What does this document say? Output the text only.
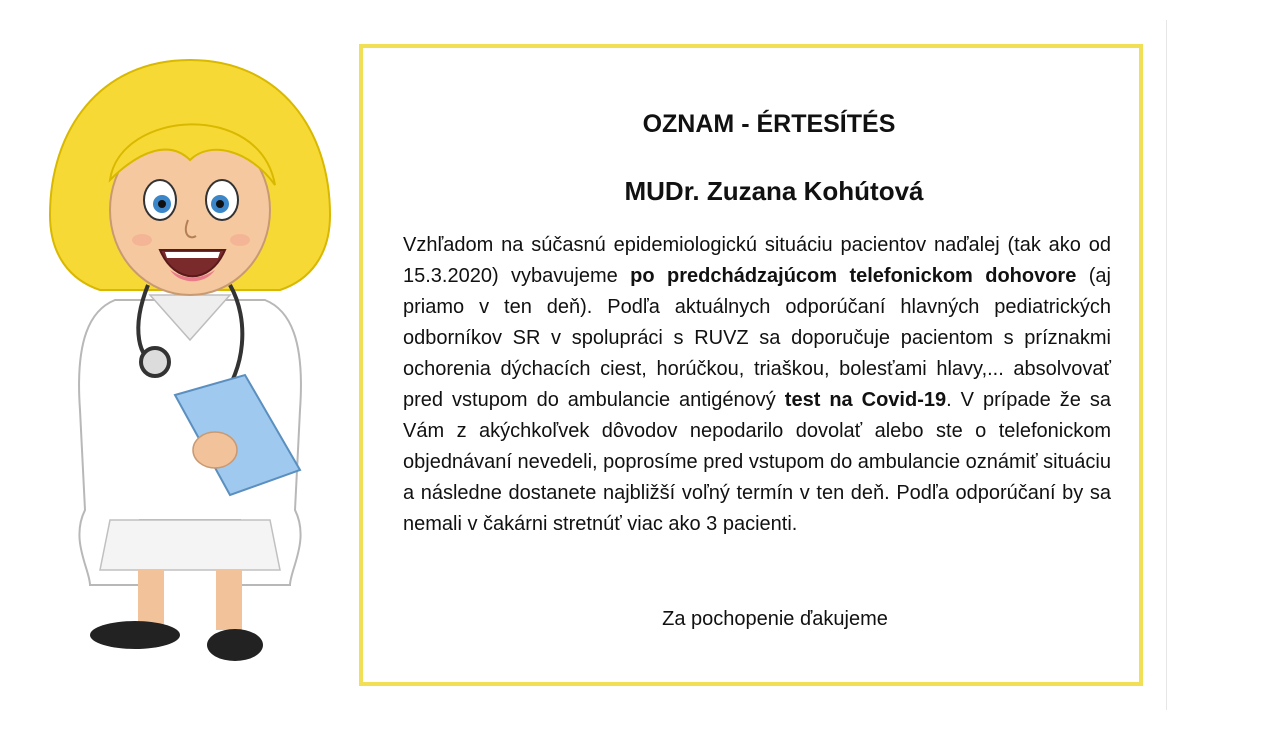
OZNAM - ÉRTESÍTÉS
MUDr. Zuzana Kohútová

Vzhľadom na súčasnú epidemiologickú situáciu pacientov naďalej (tak ako od 15.3.2020) vybavujeme po predchádzajúcom telefonickom dohovore (aj priamo v ten deň). Podľa aktuálnych odporúčaní hlavných pediatrických odborníkov SR v spolupráci s RUVZ sa doporučuje pacientom s príznakmi ochorenia dýchacích ciest, horúčkou, triaškou, bolesťami hlavy,... absolvovať pred vstupom do ambulancie antigénový test na Covid-19. V prípade že sa Vám z akýchkoľvek dôvodov nepodarilo dovolať alebo ste o telefonickom objednávaní nevedeli, poprosíme pred vstupom do ambulancie oznámiť situáciu a následne dostanete najbližší voľný termín v ten deň. Podľa odporúčaní by sa nemali v čakárni stretnúť viac ako 3 pacienti.

Za pochopenie ďakujeme
